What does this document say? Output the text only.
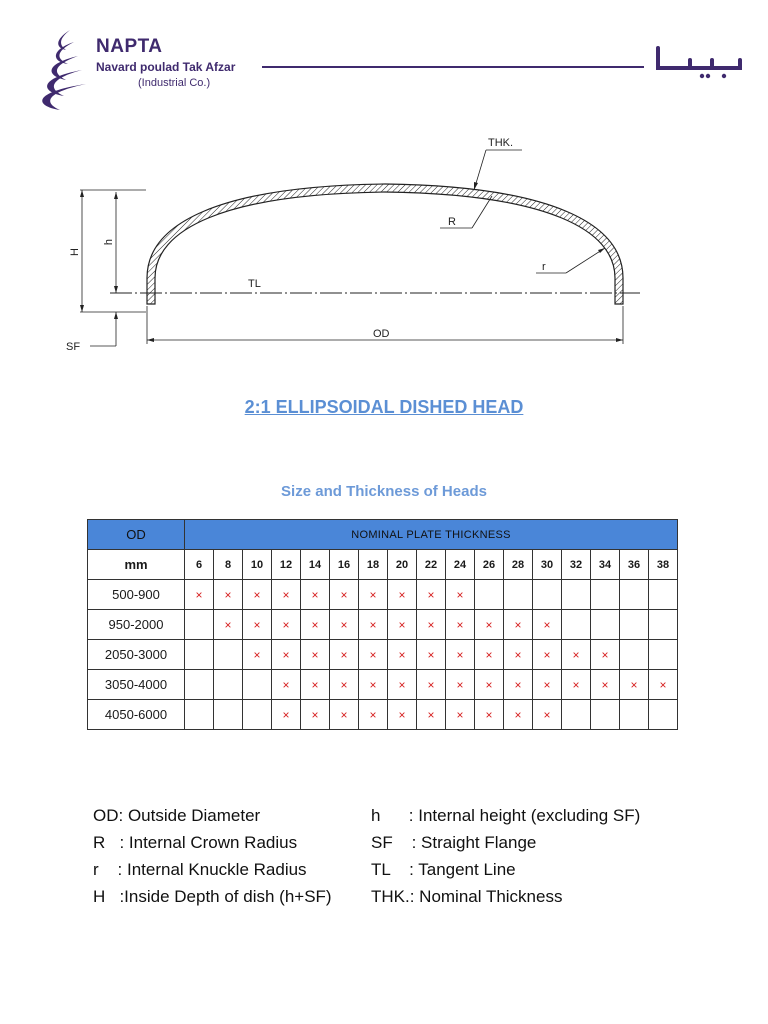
NAPTA
Navard poulad Tak Afzar
(Industrial Co.)
H
h
SF
TL
OD
THK.
R
r
2:1 ELLIPSOIDAL DISHED HEAD
Size and Thickness of Heads
OD	NOMINAL PLATE THICKNESS																
mm	6	8	10	12	14	16	18	20	22	24	26	28	30	32	34	36	38
500-900	×	×	×	×	×	×	×	×	×	×							
950-2000		×	×	×	×	×	×	×	×	×	×	×	×				
2050-3000			×	×	×	×	×	×	×	×	×	×	×	×	×		
3050-4000				×	×	×	×	×	×	×	×	×	×	×	×	×	×
4050-6000				×	×	×	×	×	×	×	×	×	×				
OD: Outside Diameter	h      : Internal height (excluding SF)
R   : Internal Crown Radius	SF    : Straight Flange
r    : Internal Knuckle Radius	TL    : Tangent Line
H   :Inside Depth of dish (h+SF) THK.: Nominal Thickness
